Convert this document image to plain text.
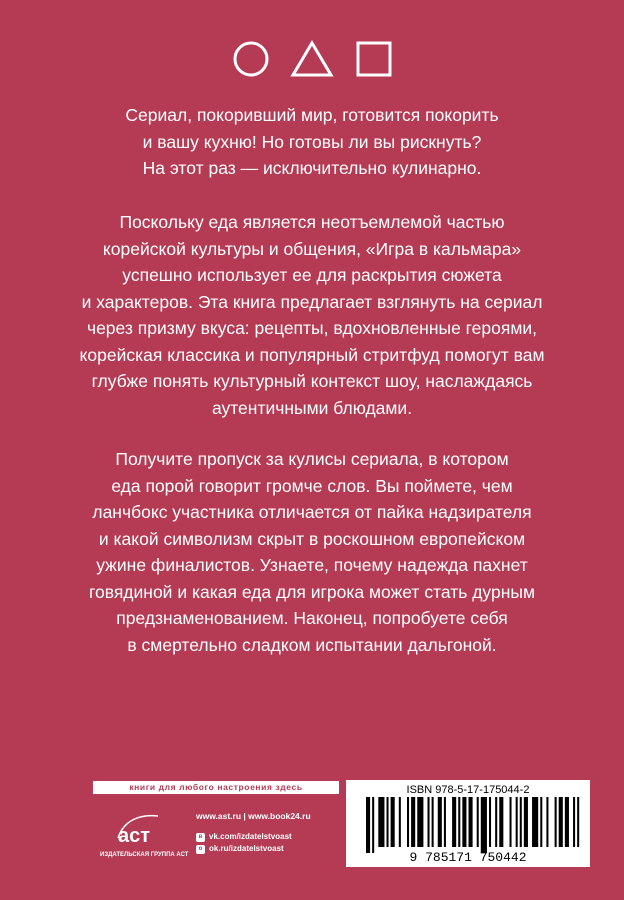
Сериал, покоривший мир, готовится покорить

и вашу кухню! Но готовы ли вы рискнуть?

На этот раз — исключительно кулинарно.

Поскольку еда является неотъемлемой частью

корейской культуры и общения, «Игра в кальмара»

успешно использует ее для раскрытия сюжета

и характеров. Эта книга предлагает взглянуть на сериал

через призму вкуса: рецепты, вдохновленные героями,

корейская классика и популярный стритфуд помогут вам

глубже понять культурный контекст шоу, наслаждаясь

аутентичными блюдами.

Получите пропуск за кулисы сериала, в котором

еда порой говорит громче слов. Вы поймете, чем

ланчбокс участника отличается от пайка надзирателя

и какой символизм скрыт в роскошном европейском

ужине финалистов. Узнаете, почему надежда пахнет

говядиной и какая еда для игрока может стать дурным

предзнаменованием. Наконец, попробуете себя

в смертельно сладком испытании дальгоной.

книги для любого настроения здесь
аст
ИЗДАТЕЛЬСКАЯ ГРУППА АСТ
www.ast.ru | www.book24.ru
в vk.com/izdatelstvoast
о ok.ru/izdatelstvoast
ISBN 978-5-17-175044-2
9 785171 750442
